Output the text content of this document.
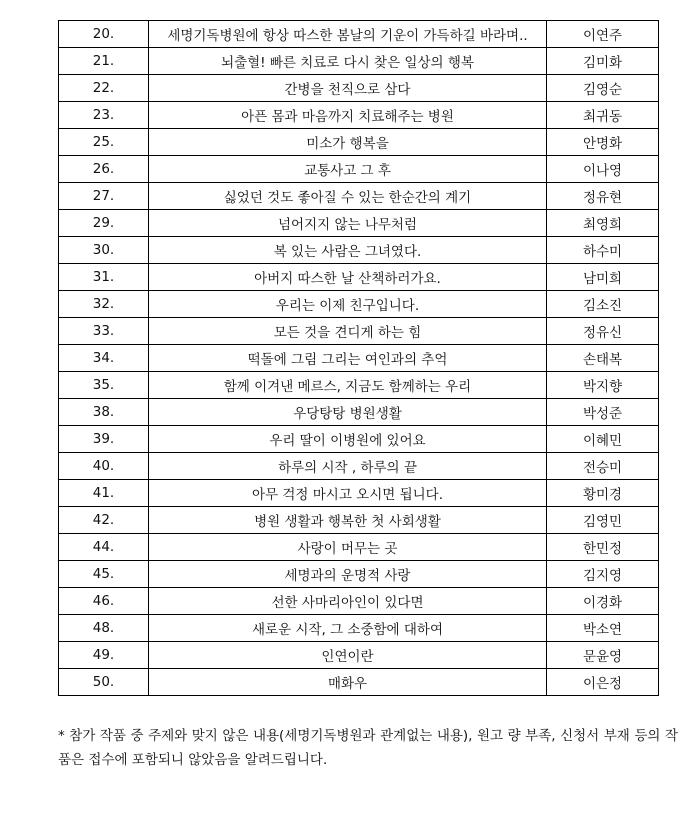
20.	세명기독병원에 항상 따스한 봄날의 기운이 가득하길 바라며..	이연주
21.	뇌출혈! 빠른 치료로 다시 찾은 일상의 행복	김미화
22.	간병을 천직으로 삼다	김영순
23.	아픈 몸과 마음까지 치료해주는 병원	최귀동
25.	미소가 행복을	안명화
26.	교통사고 그 후	이나영
27.	싫었던 것도 좋아질 수 있는 한순간의 계기	정유현
29.	넘어지지 않는 나무처럼	최영희
30.	복 있는 사람은 그녀였다.	하수미
31.	아버지 따스한 날 산책하러가요.	남미희
32.	우리는 이제 친구입니다.	김소진
33.	모든 것을 견디게 하는 힘	정유신
34.	떡돌에 그림 그리는 여인과의 추억	손태복
35.	함께 이겨낸 메르스, 지금도 함께하는 우리	박지향
38.	우당탕탕 병원생활	박성준
39.	우리 딸이 이병원에 있어요	이혜민
40.	하루의 시작 , 하루의 끝	전승미
41.	아무 걱정 마시고 오시면 됩니다.	황미경
42.	병원 생활과 행복한 첫 사회생활	김영민
44.	사랑이 머무는 곳	한민정
45.	세명과의 운명적 사랑	김지영
46.	선한 사마리아인이 있다면	이경화
48.	새로운 시작, 그 소중함에 대하여	박소연
49.	인연이란	문윤영
50.	매화우	이은정
* 참가 작품 중 주제와 맞지 않은 내용(세명기독병원과 관계없는 내용), 원고 량 부족, 신청서 부재 등의 작품은 접수에 포함되니 않았음을 알려드립니다.
